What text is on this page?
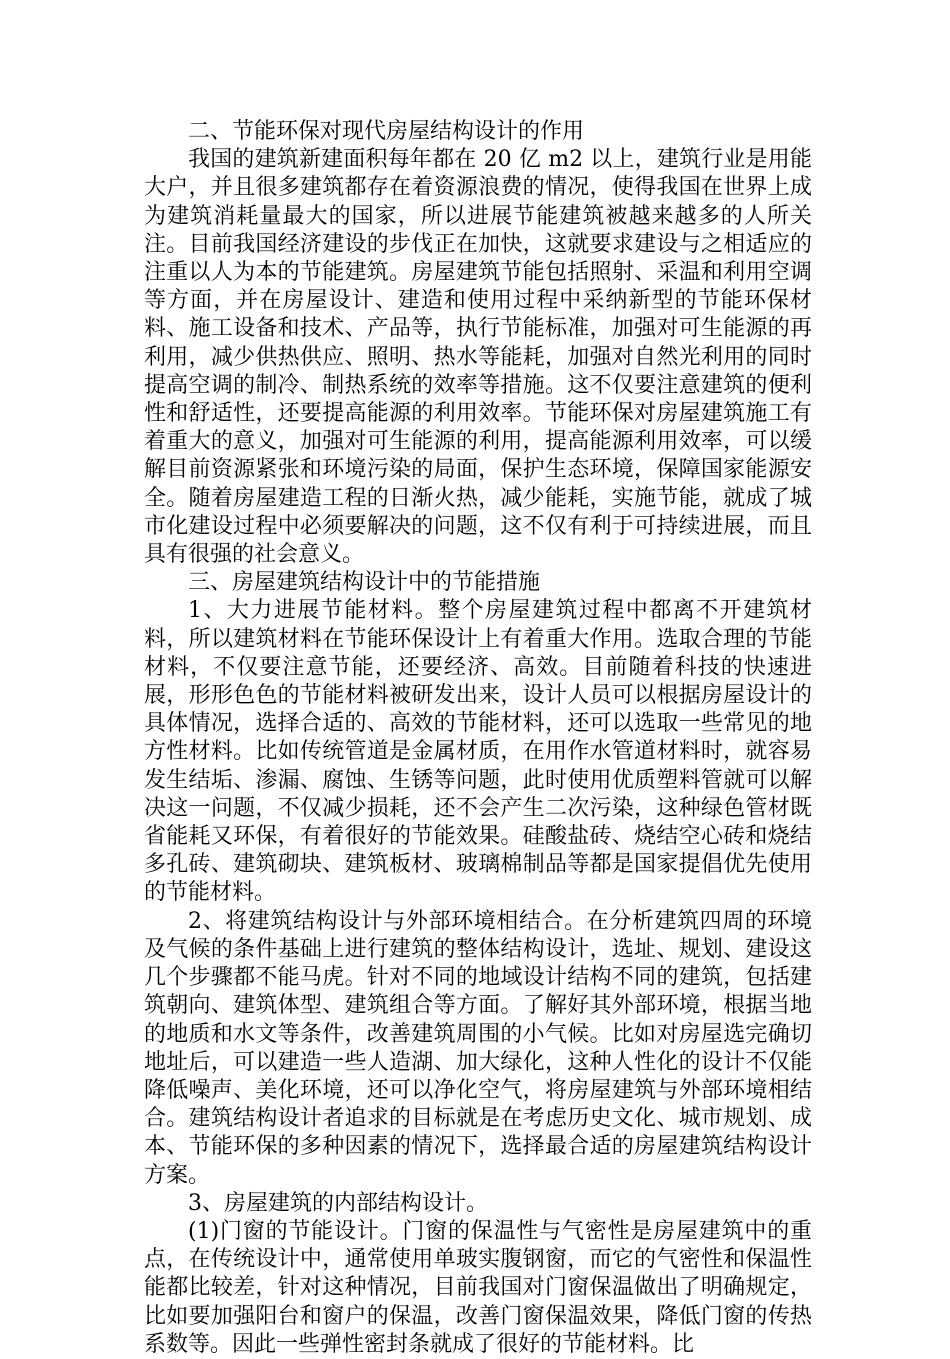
二、节能环保对现代房屋结构设计的作用

我国的建筑新建面积每年都在 20 亿 m2 以上，建筑行业是用能大户，并且很多建筑都存在着资源浪费的情况，使得我国在世界上成为建筑消耗量最大的国家，所以进展节能建筑被越来越多的人所关注。目前我国经济建设的步伐正在加快，这就要求建设与之相适应的注重以人为本的节能建筑。房屋建筑节能包括照射、采温和利用空调等方面，并在房屋设计、建造和使用过程中采纳新型的节能环保材料、施工设备和技术、产品等，执行节能标准，加强对可生能源的再利用，减少供热供应、照明、热水等能耗，加强对自然光利用的同时提高空调的制冷、制热系统的效率等措施。这不仅要注意建筑的便利性和舒适性，还要提高能源的利用效率。节能环保对房屋建筑施工有着重大的意义，加强对可生能源的利用，提高能源利用效率，可以缓解目前资源紧张和环境污染的局面，保护生态环境，保障国家能源安全。随着房屋建造工程的日渐火热，减少能耗，实施节能，就成了城市化建设过程中必须要解决的问题，这不仅有利于可持续进展，而且具有很强的社会意义。

三、房屋建筑结构设计中的节能措施

1、大力进展节能材料。整个房屋建筑过程中都离不开建筑材料，所以建筑材料在节能环保设计上有着重大作用。选取合理的节能材料，不仅要注意节能，还要经济、高效。目前随着科技的快速进展，形形色色的节能材料被研发出来，设计人员可以根据房屋设计的具体情况，选择合适的、高效的节能材料，还可以选取一些常见的地方性材料。比如传统管道是金属材质，在用作水管道材料时，就容易发生结垢、渗漏、腐蚀、生锈等问题，此时使用优质塑料管就可以解决这一问题，不仅减少损耗，还不会产生二次污染，这种绿色管材既省能耗又环保，有着很好的节能效果。硅酸盐砖、烧结空心砖和烧结多孔砖、建筑砌块、建筑板材、玻璃棉制品等都是国家提倡优先使用的节能材料。

2、将建筑结构设计与外部环境相结合。在分析建筑四周的环境及气候的条件基础上进行建筑的整体结构设计，选址、规划、建设这几个步骤都不能马虎。针对不同的地域设计结构不同的建筑，包括建筑朝向、建筑体型、建筑组合等方面。了解好其外部环境，根据当地的地质和水文等条件，改善建筑周围的小气候。比如对房屋选完确切地址后，可以建造一些人造湖、加大绿化，这种人性化的设计不仅能降低噪声、美化环境，还可以净化空气，将房屋建筑与外部环境相结合。建筑结构设计者追求的目标就是在考虑历史文化、城市规划、成本、节能环保的多种因素的情况下，选择最合适的房屋建筑结构设计方案。

3、房屋建筑的内部结构设计。

(1)门窗的节能设计。门窗的保温性与气密性是房屋建筑中的重点，在传统设计中，通常使用单玻实腹钢窗，而它的气密性和保温性能都比较差，针对这种情况，目前我国对门窗保温做出了明确规定，比如要加强阳台和窗户的保温，改善门窗保温效果，降低门窗的传热系数等。因此一些弹性密封条就成了很好的节能材料。比
